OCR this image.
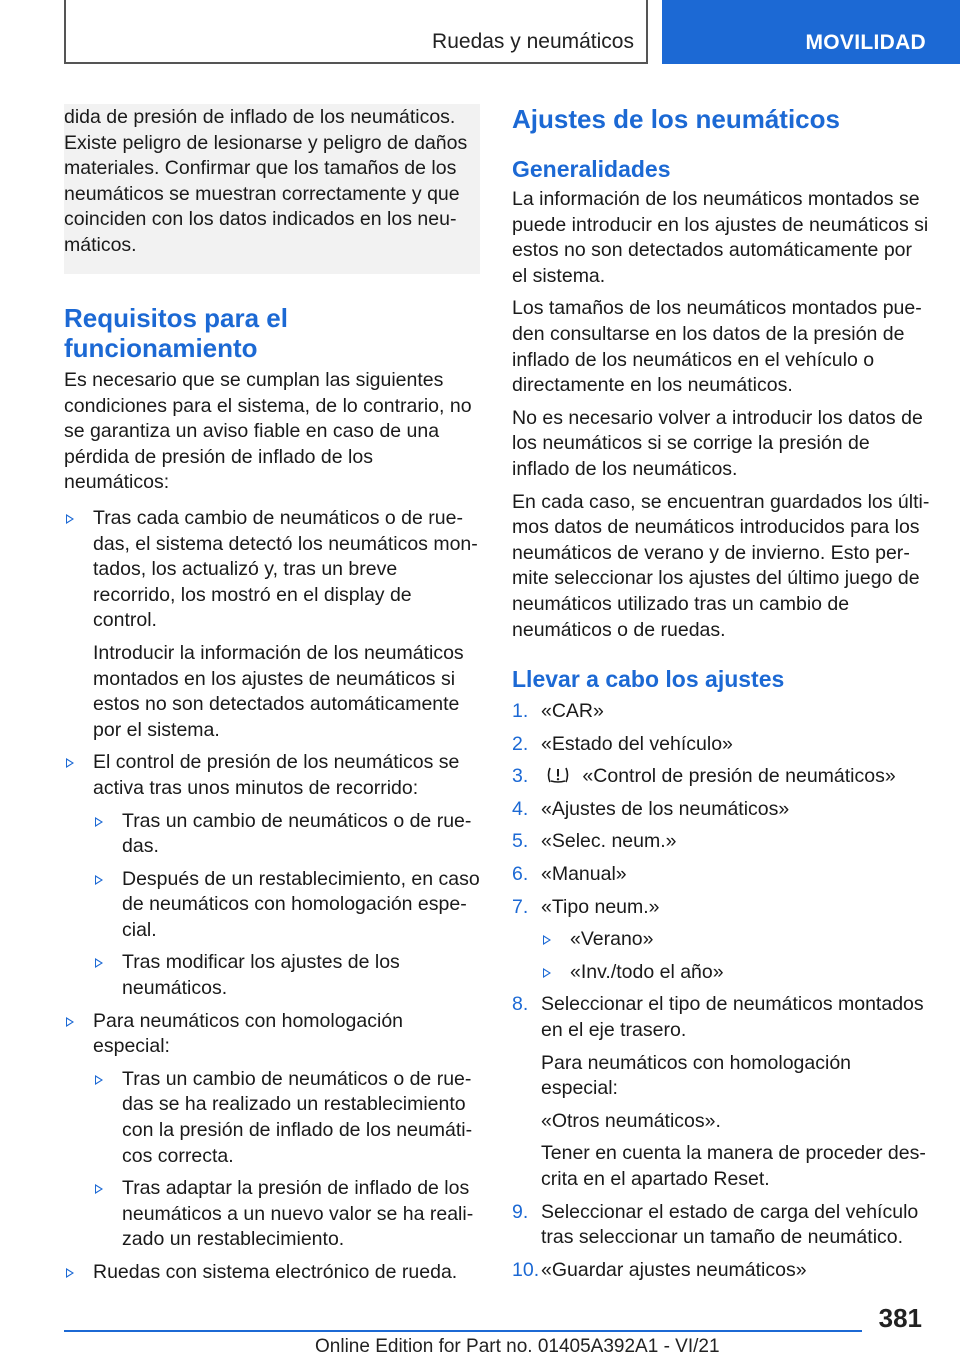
Ruedas y neumáticos	MOVILIDAD

dida de presión de inflado de los neumáticos. Existe peligro de lesionarse y peligro de daños materiales. Confirmar que los tamaños de los neumáticos se muestran correctamente y que coinciden con los datos indicados en los neumáticos.

Requisitos para el funcionamiento

Es necesario que se cumplan las siguientes condiciones para el sistema, de lo contrario, no se garantiza un aviso fiable en caso de una pérdida de presión de inflado de los neumáticos:

Tras cada cambio de neumáticos o de ruedas, el sistema detectó los neumáticos montados, los actualizó y, tras un breve recorrido, los mostró en el display de control.

Introducir la información de los neumáticos montados en los ajustes de neumáticos si estos no son detectados automáticamente por el sistema.

El control de presión de los neumáticos se activa tras unos minutos de recorrido:

Tras un cambio de neumáticos o de ruedas.

Después de un restablecimiento, en caso de neumáticos con homologación especial.

Tras modificar los ajustes de los neumáticos.

Para neumáticos con homologación especial:

Tras un cambio de neumáticos o de ruedas se ha realizado un restablecimiento con la presión de inflado de los neumáticos correcta.

Tras adaptar la presión de inflado de los neumáticos a un nuevo valor se ha realizado un restablecimiento.

Ruedas con sistema electrónico de rueda.

Ajustes de los neumáticos
Generalidades

La información de los neumáticos montados se puede introducir en los ajustes de neumáticos si estos no son detectados automáticamente por el sistema.

Los tamaños de los neumáticos montados pueden consultarse en los datos de la presión de inflado de los neumáticos en el vehículo o directamente en los neumáticos.

No es necesario volver a introducir los datos de los neumáticos si se corrige la presión de inflado de los neumáticos.

En cada caso, se encuentran guardados los últimos datos de neumáticos introducidos para los neumáticos de verano y de invierno. Esto permite seleccionar los ajustes del último juego de neumáticos utilizado tras un cambio de neumáticos o de ruedas.

Llevar a cabo los ajustes
1. «CAR»
2. «Estado del vehículo»
3.	«Control de presión de neumáticos»
4. «Ajustes de los neumáticos»
5. «Selec. neum.»
6. «Manual»
7. «Tipo neum.»

«Verano»

«Inv./todo el año»

8. Seleccionar el tipo de neumáticos montados en el eje trasero.

Para neumáticos con homologación especial:

«Otros neumáticos».

Tener en cuenta la manera de proceder descrita en el apartado Reset.

9. Seleccionar el estado de carga del vehículo tras seleccionar un tamaño de neumático.

10. «Guardar ajustes neumáticos»
381
Online Edition for Part no. 01405A392A1 - VI/21
